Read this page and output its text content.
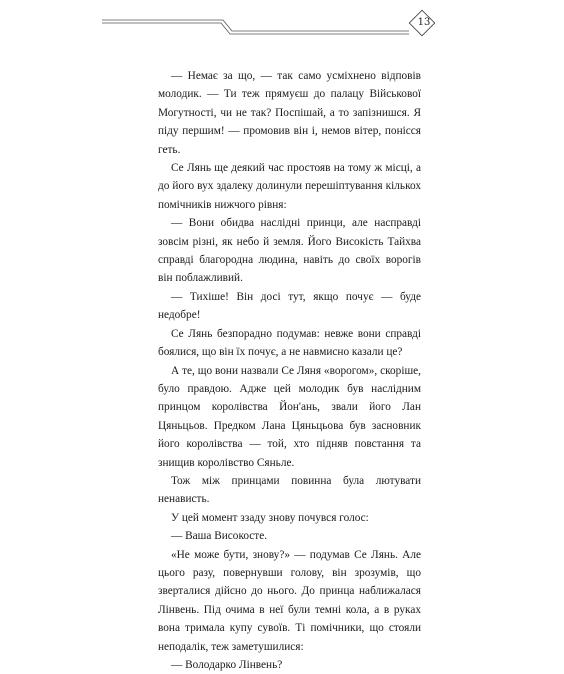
13

— Немає за що, — так само усміхнено відповів молодик. — Ти теж прямуєш до палацу Військової Могутності, чи не так? Поспішай, а то запізнишся. Я піду першим! — промовив він і, немов вітер, понісся геть.

Се Лянь ще деякий час простояв на тому ж місці, а до його вух здалеку долинули перешіптування кількох помічників нижчого рівня:

— Вони обидва наслідні принци, але насправді зовсім різні, як небо й земля. Його Високість Тайхва справді благородна людина, навіть до своїх ворогів він поблажливий.

— Тихіше! Він досі тут, якщо почує — буде недобре!

Се Лянь безпорадно подумав: невже вони справді боялися, що він їх почує, а не навмисно казали це?

А те, що вони назвали Се Ляня «ворогом», скоріше, було правдою. Адже цей молодик був наслідним принцом королівства Йон'ань, звали його Лан Цяньцьов. Предком Лана Цяньцьова був засновник його королівства — той, хто підняв повстання та знищив королівство Сяньле.

Тож між принцами повинна була лютувати ненависть.

У цей момент ззаду знову почувся голос:

— Ваша Високосте.

«Не може бути, знову?» — подумав Се Лянь. Але цього разу, повернувши голову, він зрозумів, що зверталися дійсно до нього. До принца наближалася Лінвень. Під очима в неї були темні кола, а в руках вона тримала купу сувоїв. Ті помічники, що стояли неподалік, теж заметушилися:

— Володарко Лінвень?
